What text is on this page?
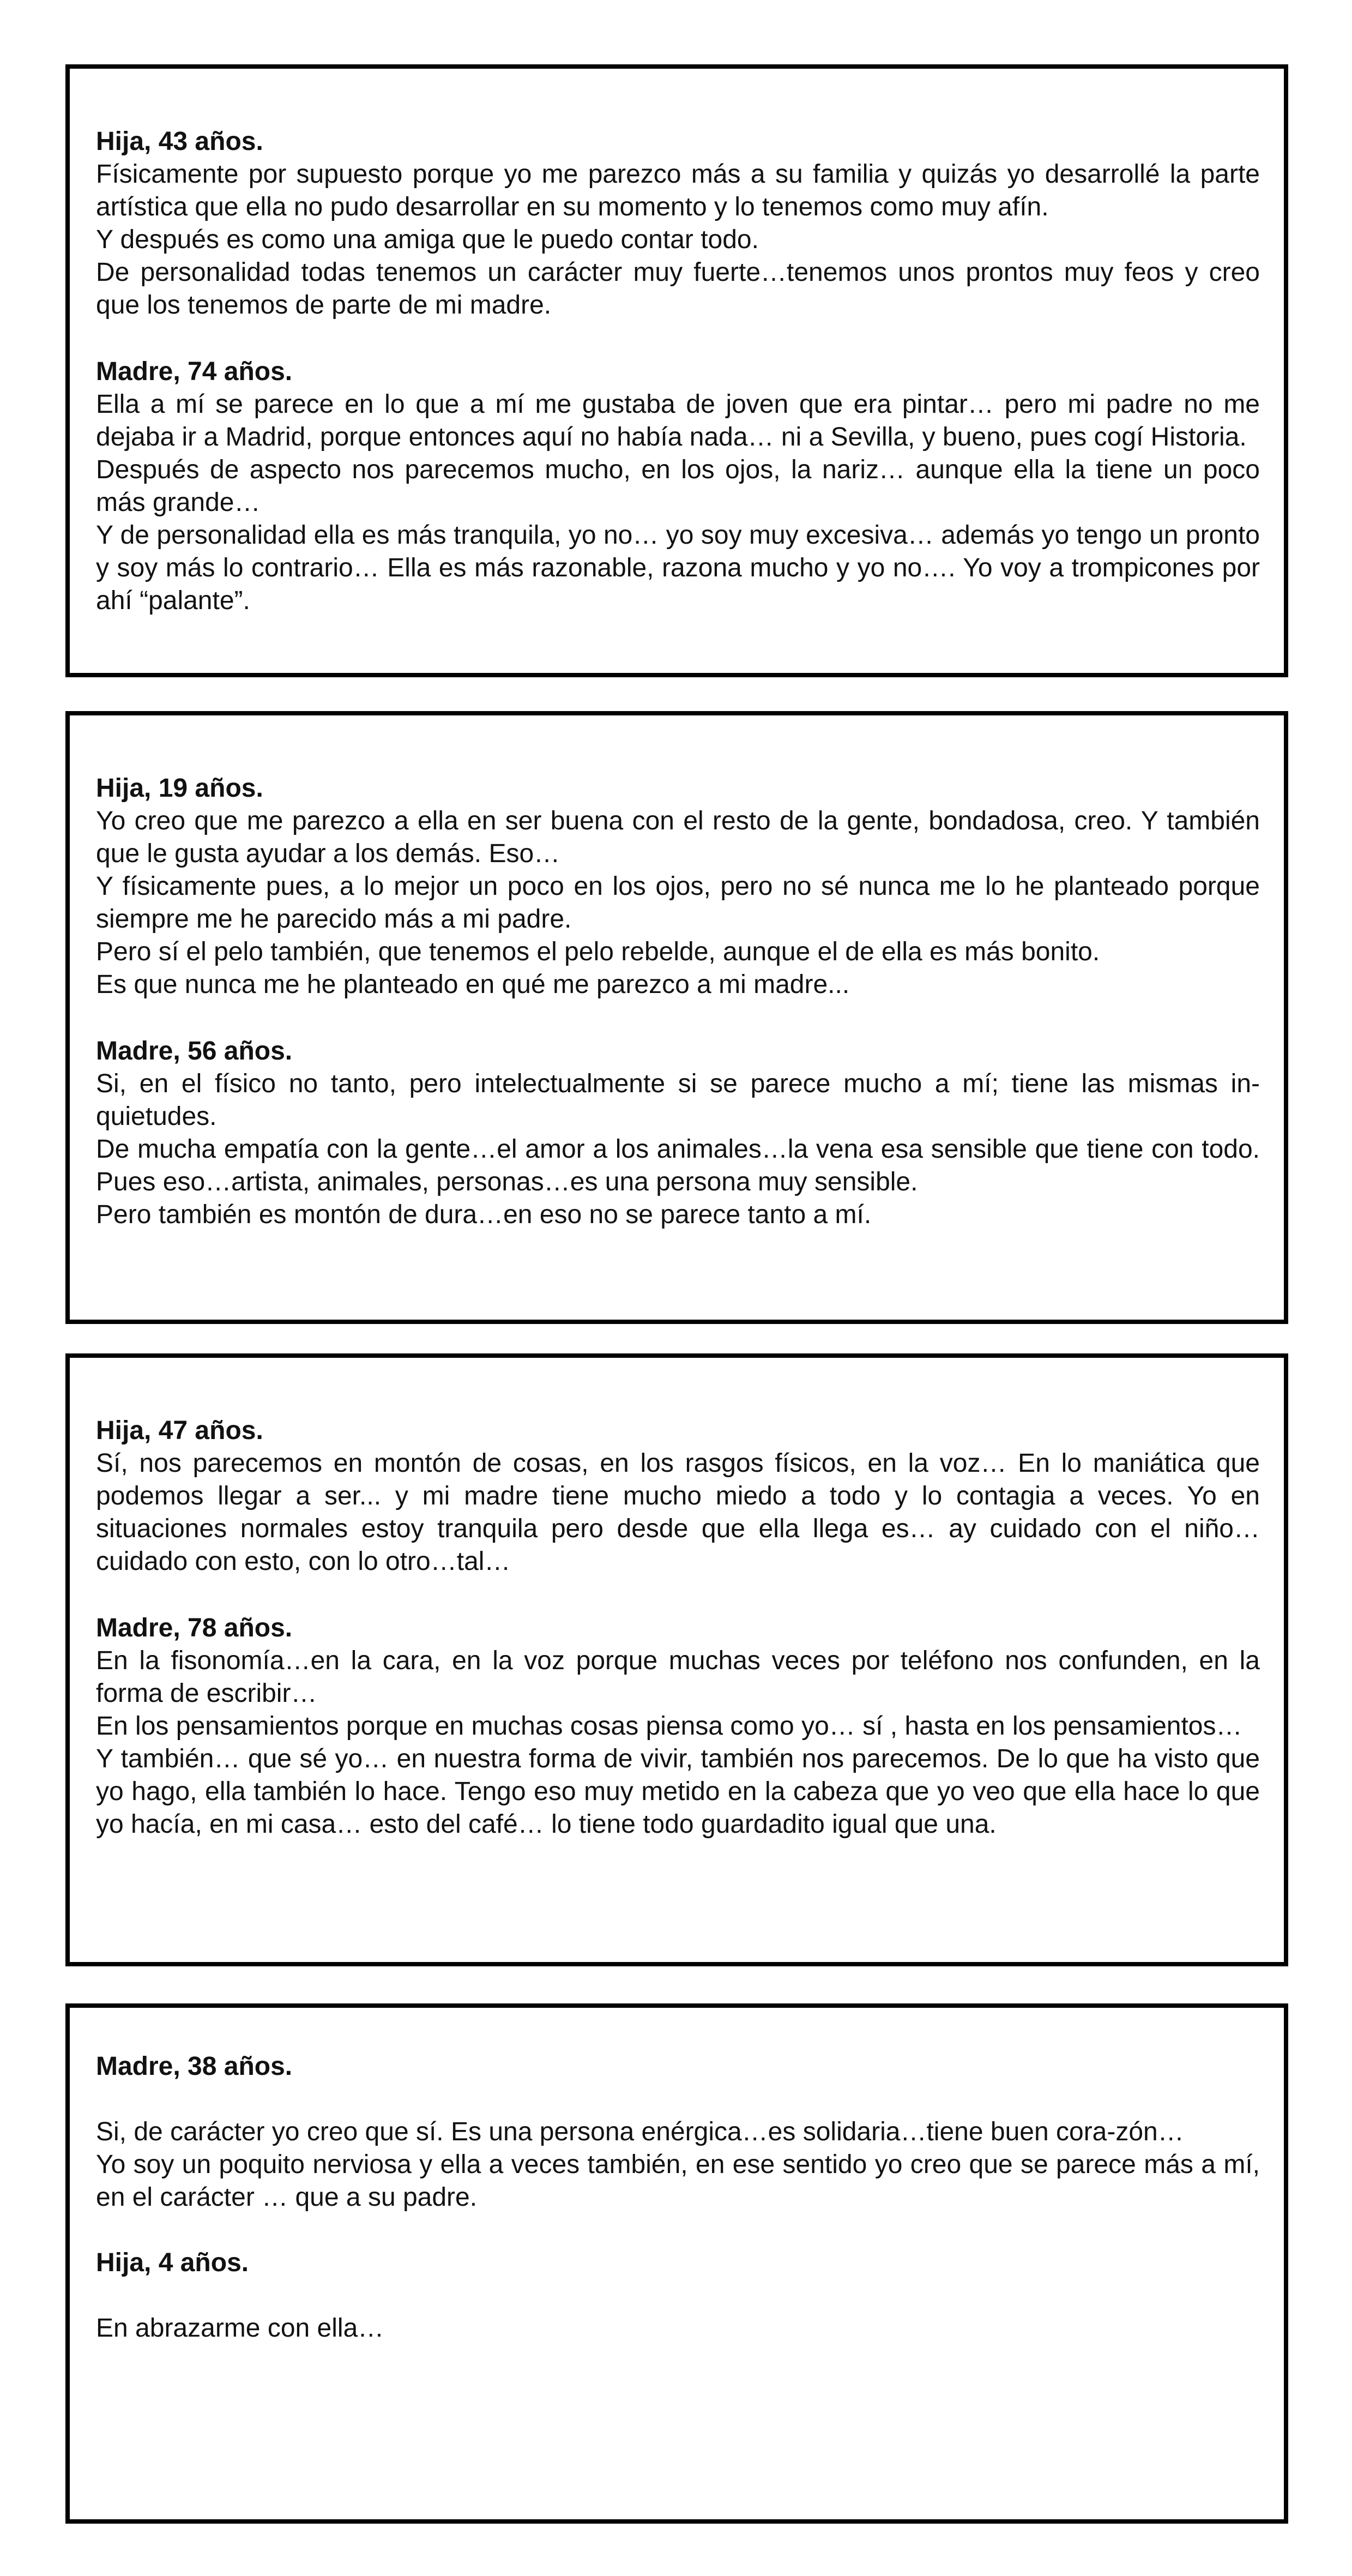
Hija, 43 años.

Físicamente por supuesto porque yo me parezco más a su familia y quizás yo desarrollé la parte artística que ella no pudo desarrollar en su momento y lo tenemos como muy afín.

Y después es como una amiga que le puedo contar todo.

De personalidad todas tenemos un carácter muy fuerte…tenemos unos prontos muy feos y creo que los tenemos de parte de mi madre.

Madre, 74 años.

Ella a mí se parece en lo que a mí me gustaba de joven que era pintar… pero mi padre no me dejaba ir a Madrid, porque entonces aquí no había nada… ni a Sevilla, y bueno, pues cogí Historia.

Después de aspecto nos parecemos mucho, en los ojos, la nariz… aunque ella la tiene un poco más grande…

Y de personalidad ella es más tranquila, yo no… yo soy muy excesiva… además yo tengo un pronto y soy más lo contrario… Ella es más razonable, razona mucho y yo no…. Yo voy a trompicones por ahí “palante”.

Hija, 19 años.

Yo creo que me parezco a ella en ser buena con el resto de la gente, bondadosa, creo. Y también que le gusta ayudar a los demás. Eso…

Y físicamente pues, a lo mejor un poco en los ojos, pero no sé nunca me lo he planteado porque siempre me he parecido más a mi padre.

Pero sí el pelo también, que tenemos el pelo rebelde, aunque el de ella es más bonito.

Es que nunca me he planteado en qué me parezco a mi madre...

Madre, 56 años.

Si, en el físico no tanto, pero intelectualmente si se parece mucho a mí; tiene las mismas in-quietudes.

De mucha empatía con la gente…el amor a los animales…la vena esa sensible que tiene con todo. Pues eso…artista, animales, personas…es una persona muy sensible.

Pero también es montón de dura…en eso no se parece tanto a mí.

Hija, 47 años.

Sí, nos parecemos en montón de cosas, en los rasgos físicos, en la voz… En lo maniática que podemos llegar a ser... y mi madre tiene mucho miedo a todo y lo contagia a veces. Yo en situaciones normales estoy tranquila pero desde que ella llega es… ay cuidado con el niño…cuidado con esto, con lo otro…tal…

Madre, 78 años.

En la fisonomía…en la cara, en la voz porque muchas veces por teléfono nos confunden, en la forma de escribir…

En los pensamientos porque en muchas cosas piensa como yo… sí , hasta en los pensamientos…

Y también… que sé yo… en nuestra forma de vivir, también nos parecemos. De lo que ha visto que yo hago, ella también lo hace. Tengo eso muy metido en la cabeza que yo veo que ella hace lo que yo hacía, en mi casa… esto del café… lo tiene todo guardadito igual que una.

Madre, 38 años.

Si, de carácter yo creo que sí. Es una persona enérgica…es solidaria…tiene buen cora-zón…

Yo soy un poquito nerviosa y ella a veces también, en ese sentido yo creo que se parece más a mí, en el carácter … que a su padre.

Hija, 4 años.

En abrazarme con ella…
